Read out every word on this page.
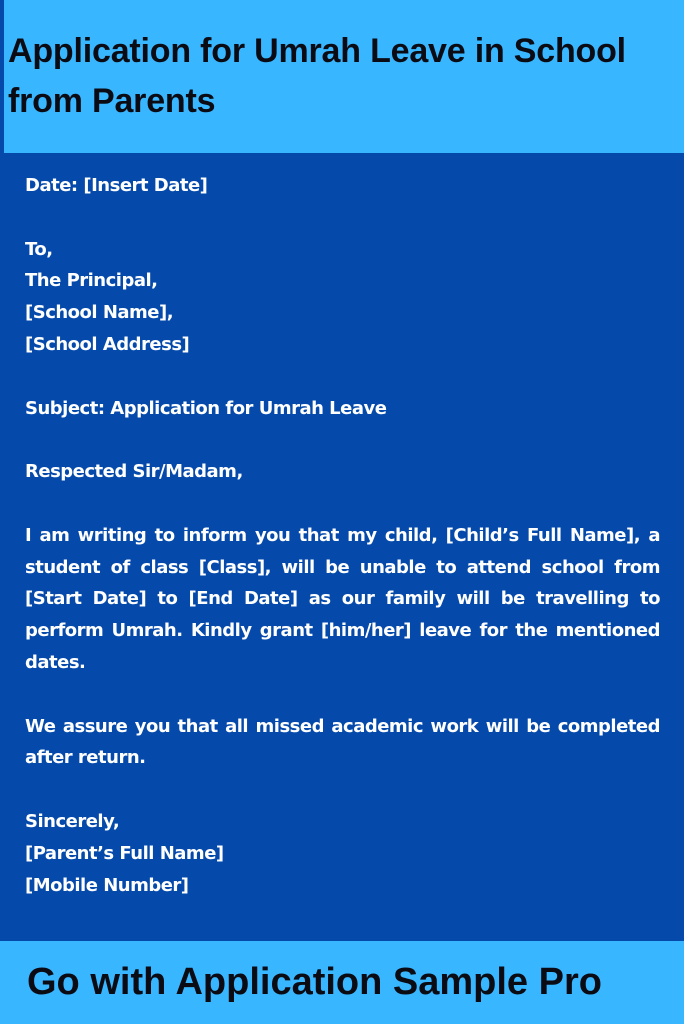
Application for Umrah Leave in School from Parents
Date: [Insert Date]
To,
The Principal,
[School Name],
[School Address]
Subject: Application for Umrah Leave
Respected Sir/Madam,

I am writing to inform you that my child, [Child’s Full Name], a student of class [Class], will be unable to attend school from [Start Date] to [End Date] as our family will be travelling to perform Umrah. Kindly grant [him/her] leave for the mentioned dates.

We assure you that all missed academic work will be completed after return.

Sincerely,
[Parent’s Full Name]
[Mobile Number]

Go with Application Sample Pro
